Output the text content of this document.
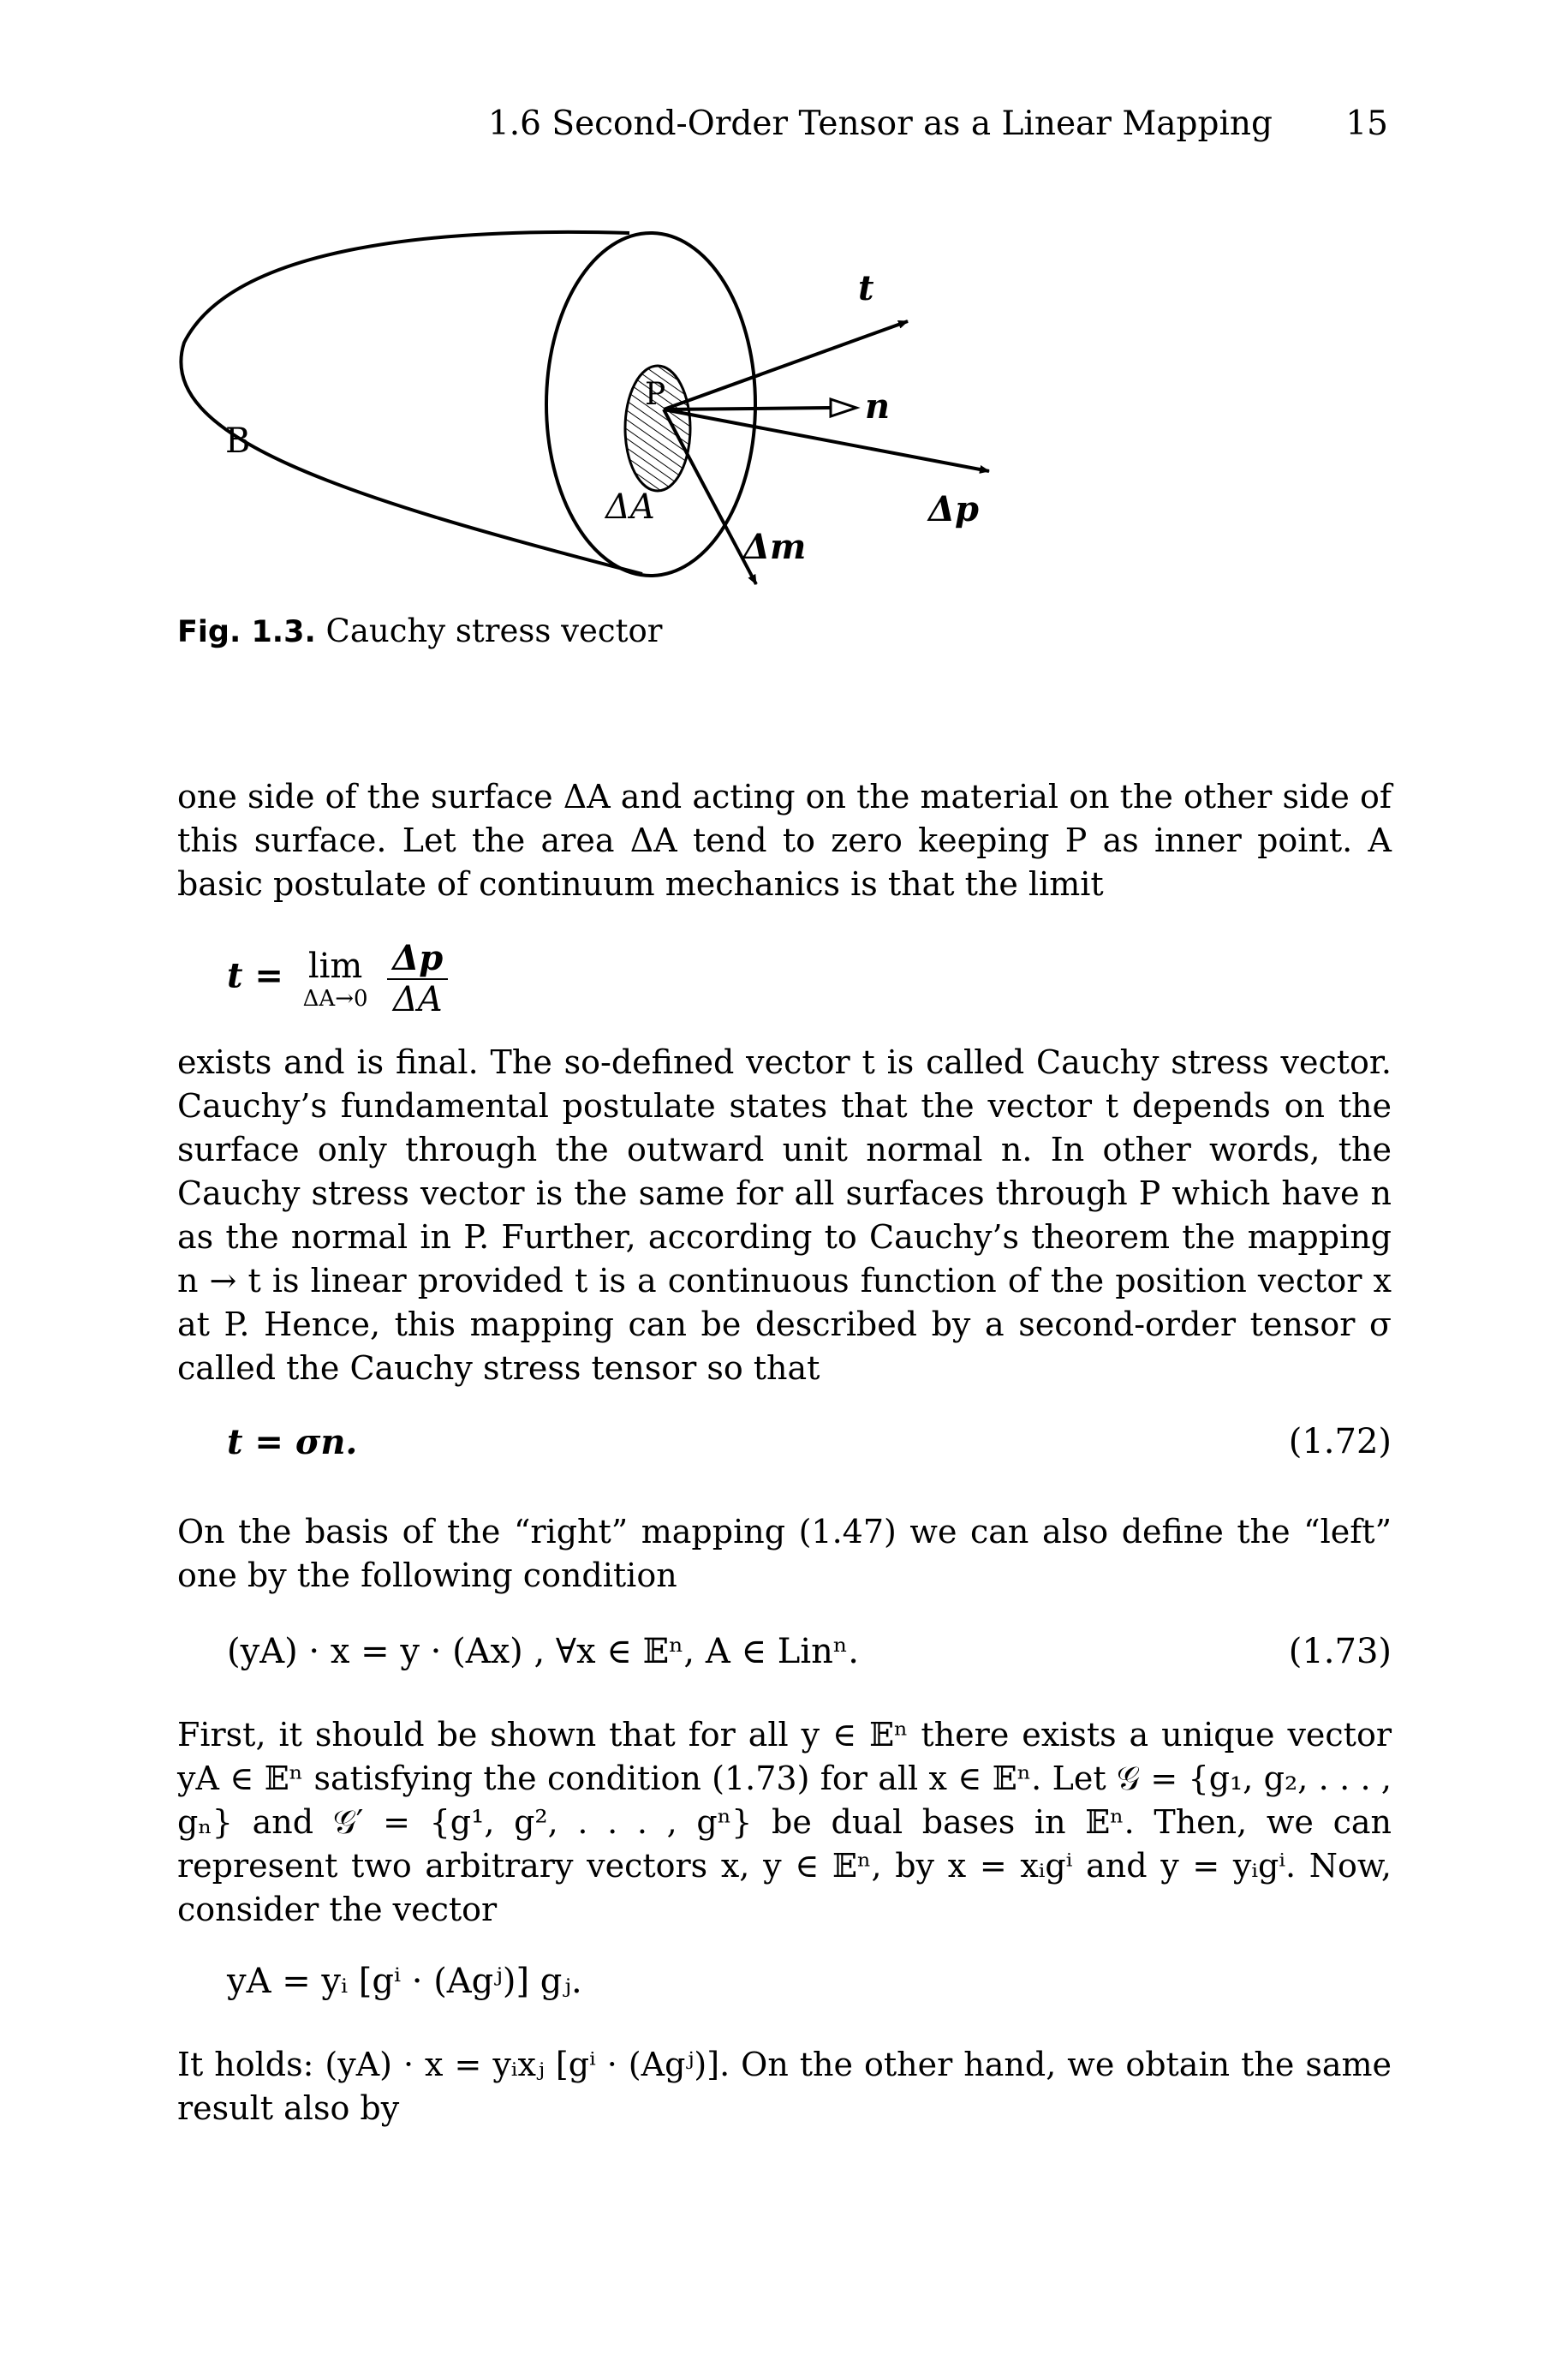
1.6 Second-Order Tensor as a Linear Mapping 15
B
P
ΔA
Δm
Δp
t
n
Fig. 1.3. Cauchy stress vector

one side of the surface ΔA and acting on the material on the other side of this surface. Let the area ΔA tend to zero keeping P as inner point. A basic postulate of continuum mechanics is that the limit

t = lim
ΔA→0
$\frac{\Delta p}{\Delta A}$

exists and is final. The so-defined vector t is called Cauchy stress vector. Cauchy’s fundamental postulate states that the vector t depends on the surface only through the outward unit normal n. In other words, the Cauchy stress vector is the same for all surfaces through P which have n as the normal in P. Further, according to Cauchy’s theorem the mapping n → t is linear provided t is a continuous function of the position vector x at P. Hence, this mapping can be described by a second-order tensor σ called the Cauchy stress tensor so that

t = σn.	(1.72)

On the basis of the “right” mapping (1.47) we can also define the “left” one by the following condition

(yA) · x = y · (Ax) , ∀x ∈ 𝔼ⁿ, A ∈ Linⁿ.	(1.73)

First, it should be shown that for all y ∈ 𝔼ⁿ there exists a unique vector yA ∈ 𝔼ⁿ satisfying the condition (1.73) for all x ∈ 𝔼ⁿ. Let 𝒢 = {g₁, g₂, . . . , gₙ} and 𝒢′ = {g¹, g², . . . , gⁿ} be dual bases in 𝔼ⁿ. Then, we can represent two arbitrary vectors x, y ∈ 𝔼ⁿ, by x = xᵢgⁱ and y = yᵢgⁱ. Now, consider the vector

yA = yᵢ [gⁱ · (Agʲ)] gⱼ.

It holds: (yA) · x = yᵢxⱼ [gⁱ · (Agʲ)]. On the other hand, we obtain the same result also by
